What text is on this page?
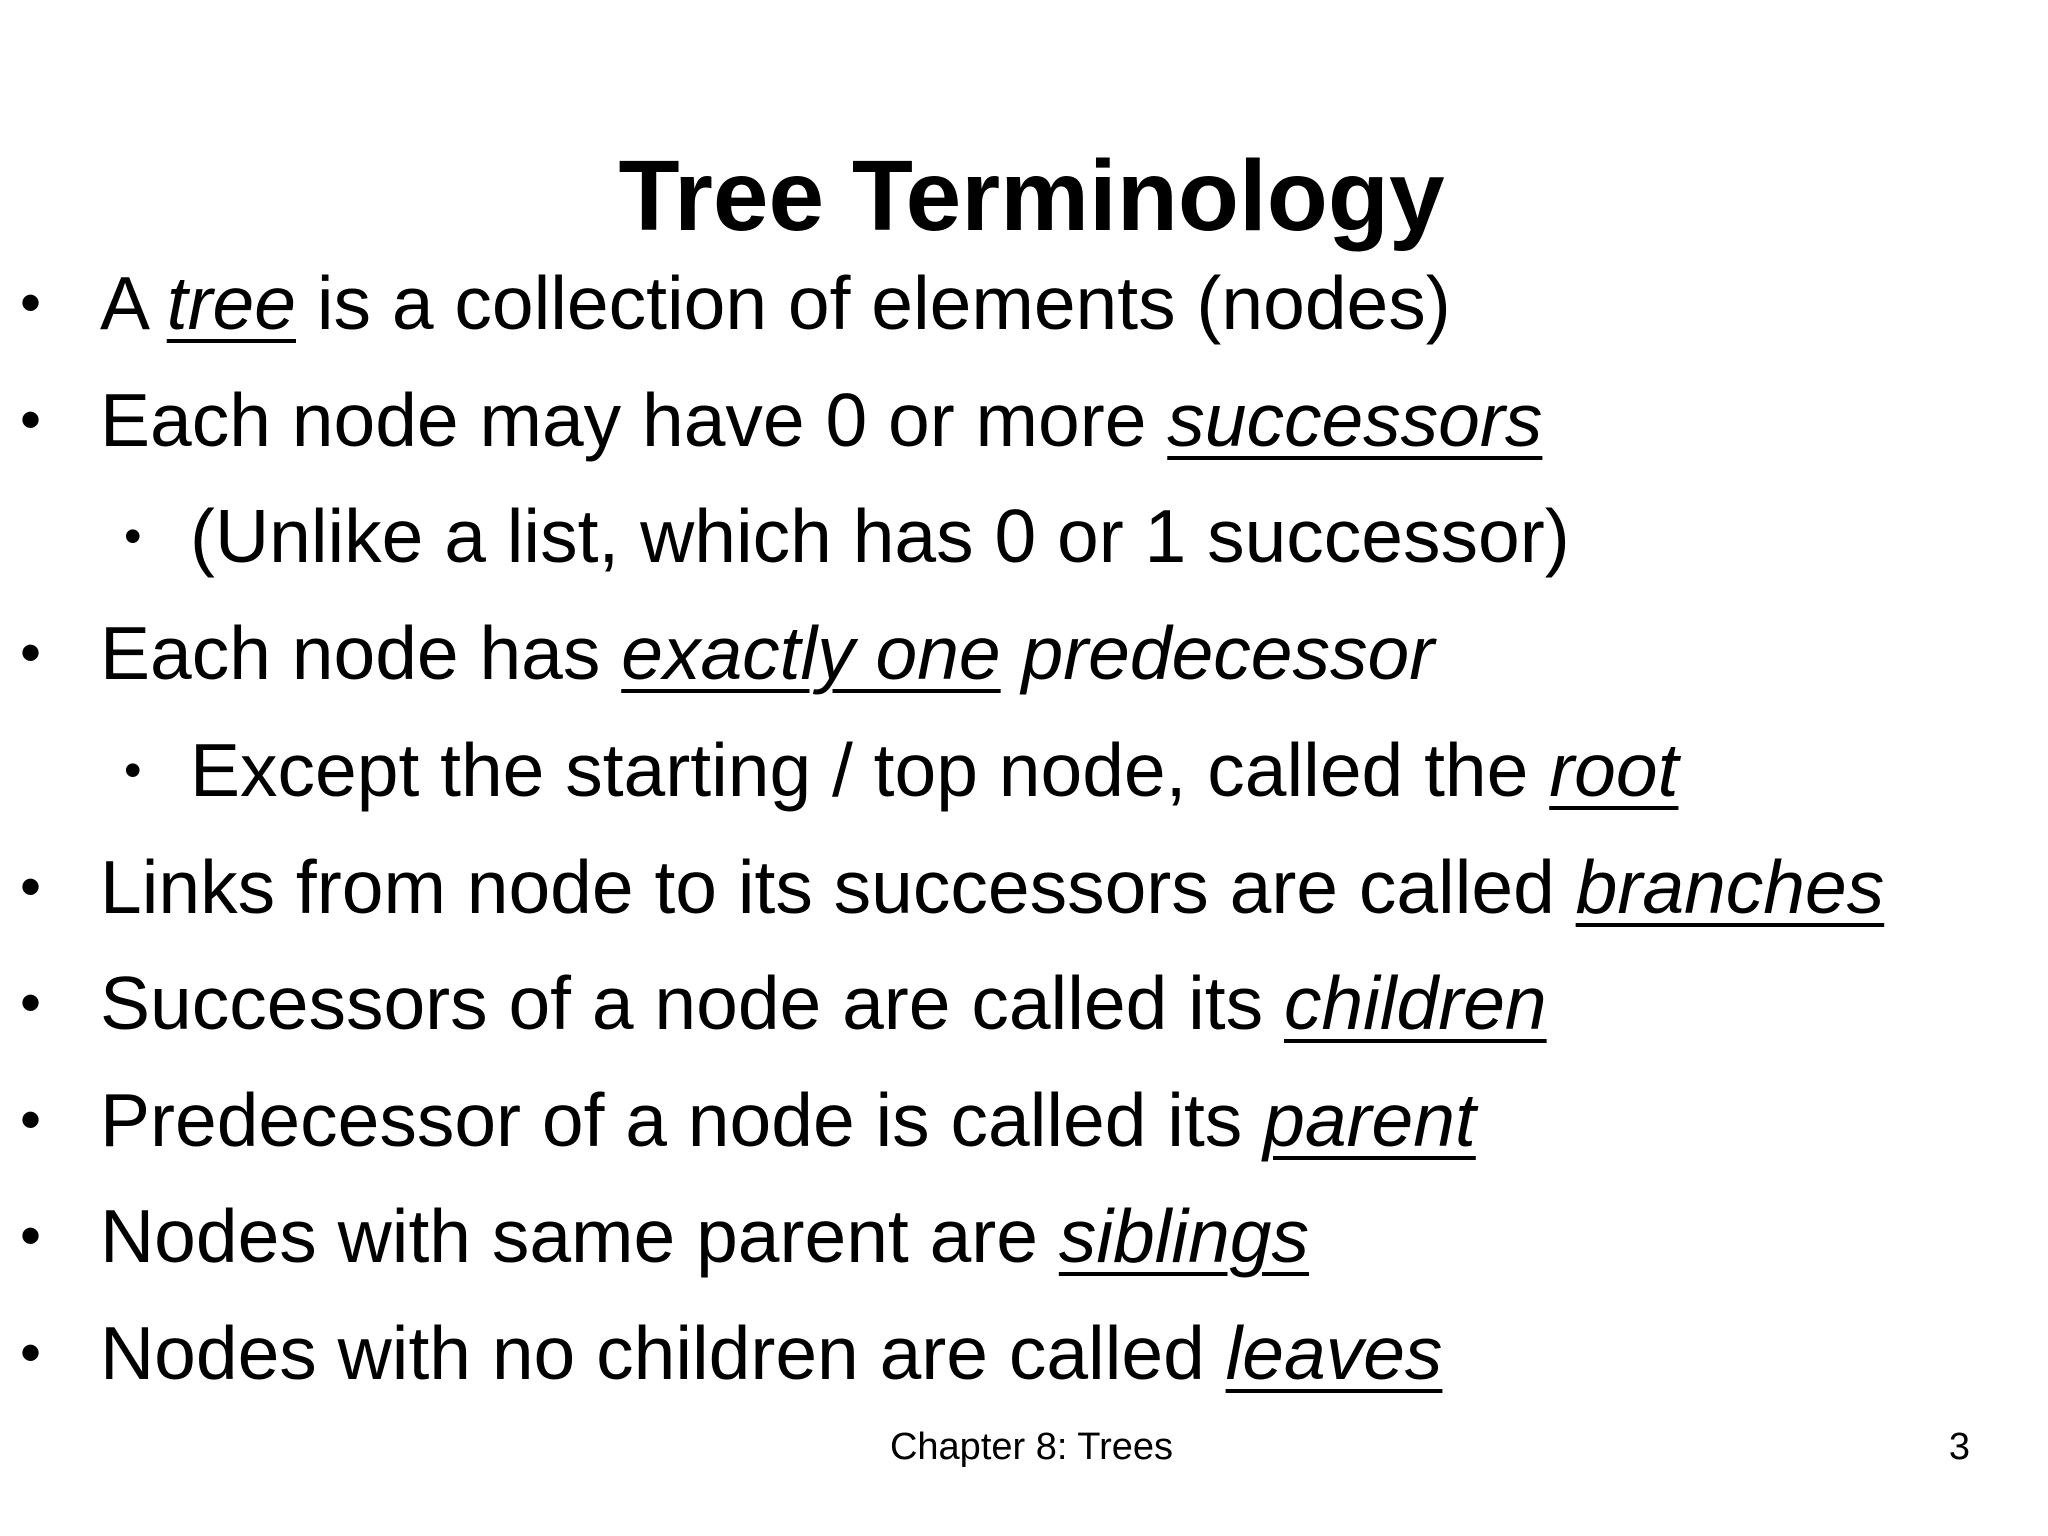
Tree Terminology
• A tree is a collection of elements (nodes)
• Each node may have 0 or more successors
• (Unlike a list, which has 0 or 1 successor)
• Each node has exactly one predecessor
• Except the starting / top node, called the root
• Links from node to its successors are called branches
• Successors of a node are called its children
• Predecessor of a node is called its parent
• Nodes with same parent are siblings
• Nodes with no children are called leaves
Chapter 8: Trees	3
